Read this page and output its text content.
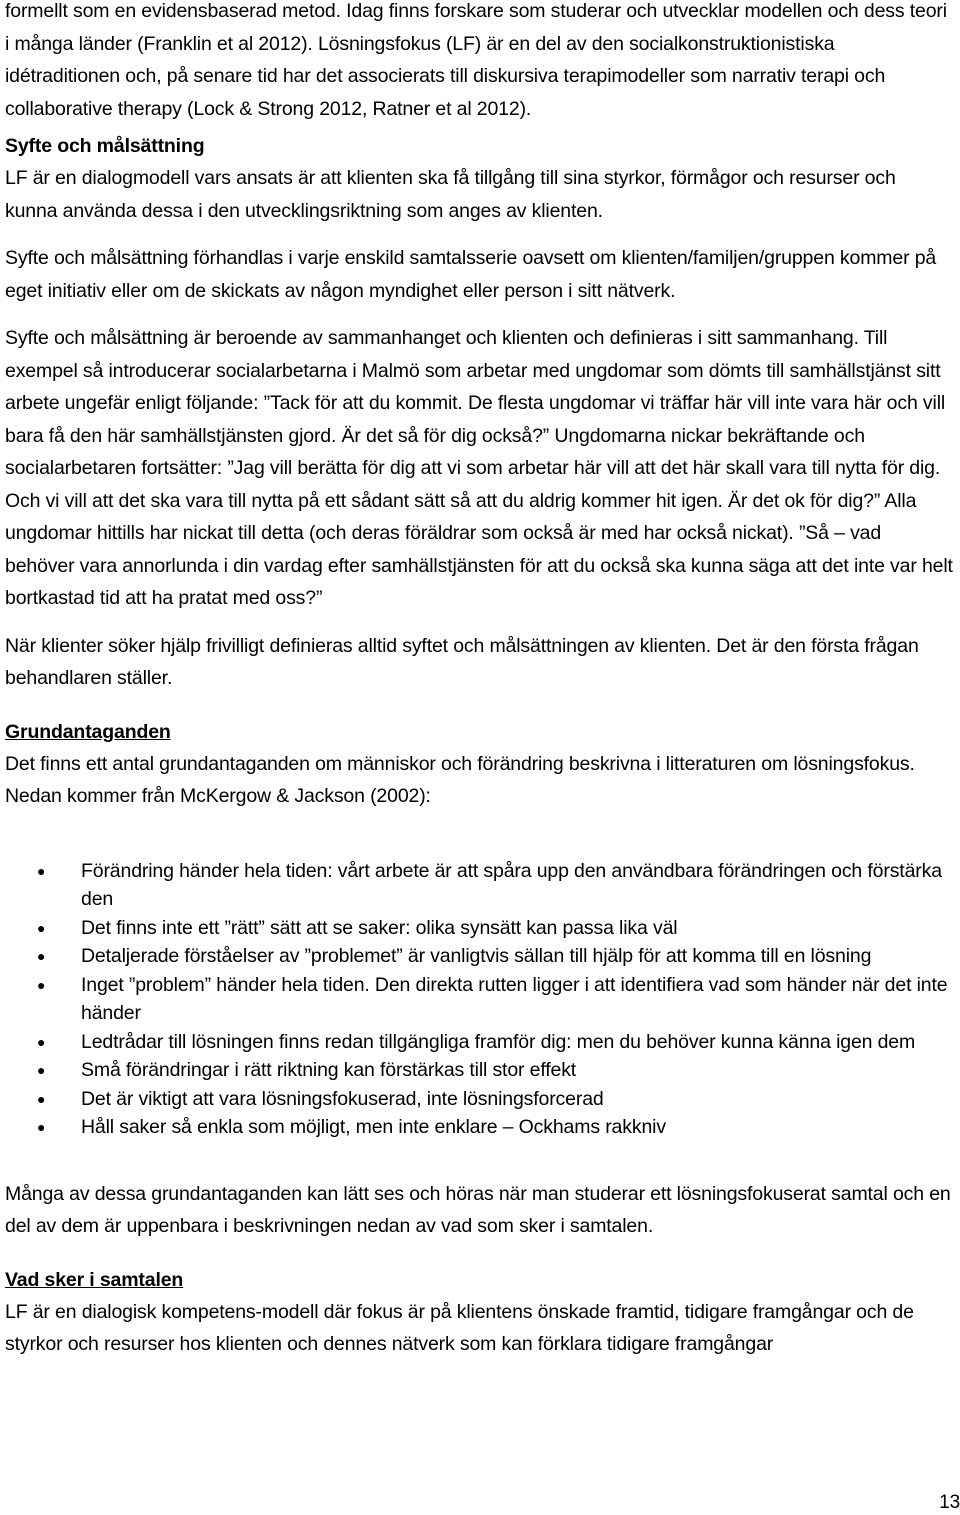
formellt som en evidensbaserad metod. Idag finns forskare som studerar och utvecklar modellen och dess teori i många länder (Franklin et al 2012). Lösningsfokus (LF) är en del av den socialkonstruktionistiska idétraditionen och, på senare tid har det associerats till diskursiva terapimodeller som narrativ terapi och collaborative therapy (Lock & Strong 2012, Ratner et al 2012).

Syfte och målsättning

LF är en dialogmodell vars ansats är att klienten ska få tillgång till sina styrkor, förmågor och resurser och kunna använda dessa i den utvecklingsriktning som anges av klienten.

Syfte och målsättning förhandlas i varje enskild samtalsserie oavsett om klienten/familjen/gruppen kommer på eget initiativ eller om de skickats av någon myndighet eller person i sitt nätverk.

Syfte och målsättning är beroende av sammanhanget och klienten och definieras i sitt sammanhang. Till exempel så introducerar socialarbetarna i Malmö som arbetar med ungdomar som dömts till samhällstjänst sitt arbete ungefär enligt följande: ”Tack för att du kommit. De flesta ungdomar vi träffar här vill inte vara här och vill bara få den här samhällstjänsten gjord. Är det så för dig också?” Ungdomarna nickar bekräftande och socialarbetaren fortsätter: ”Jag vill berätta för dig att vi som arbetar här vill att det här skall vara till nytta för dig. Och vi vill att det ska vara till nytta på ett sådant sätt så att du aldrig kommer hit igen. Är det ok för dig?” Alla ungdomar hittills har nickat till detta (och deras föräldrar som också är med har också nickat). ”Så – vad behöver vara annorlunda i din vardag efter samhällstjänsten för att du också ska kunna säga att det inte var helt bortkastad tid att ha pratat med oss?”

När klienter söker hjälp frivilligt definieras alltid syftet och målsättningen av klienten. Det är den första frågan behandlaren ställer.

Grundantaganden

Det finns ett antal grundantaganden om människor och förändring beskrivna i litteraturen om lösningsfokus. Nedan kommer från McKergow & Jackson (2002):

● Förändring händer hela tiden: vårt arbete är att spåra upp den användbara förändringen och förstärka den
● Det finns inte ett ”rätt” sätt att se saker: olika synsätt kan passa lika väl
● Detaljerade förståelser av ”problemet” är vanligtvis sällan till hjälp för att komma till en lösning
● Inget ”problem” händer hela tiden. Den direkta rutten ligger i att identifiera vad som händer när det inte händer
● Ledtrådar till lösningen finns redan tillgängliga framför dig: men du behöver kunna känna igen dem
● Små förändringar i rätt riktning kan förstärkas till stor effekt
● Det är viktigt att vara lösningsfokuserad, inte lösningsforcerad
● Håll saker så enkla som möjligt, men inte enklare – Ockhams rakkniv

Många av dessa grundantaganden kan lätt ses och höras när man studerar ett lösningsfokuserat samtal och en del av dem är uppenbara i beskrivningen nedan av vad som sker i samtalen.

Vad sker i samtalen

LF är en dialogisk kompetens-modell där fokus är på klientens önskade framtid, tidigare framgångar och de styrkor och resurser hos klienten och dennes nätverk som kan förklara tidigare framgångar

13
